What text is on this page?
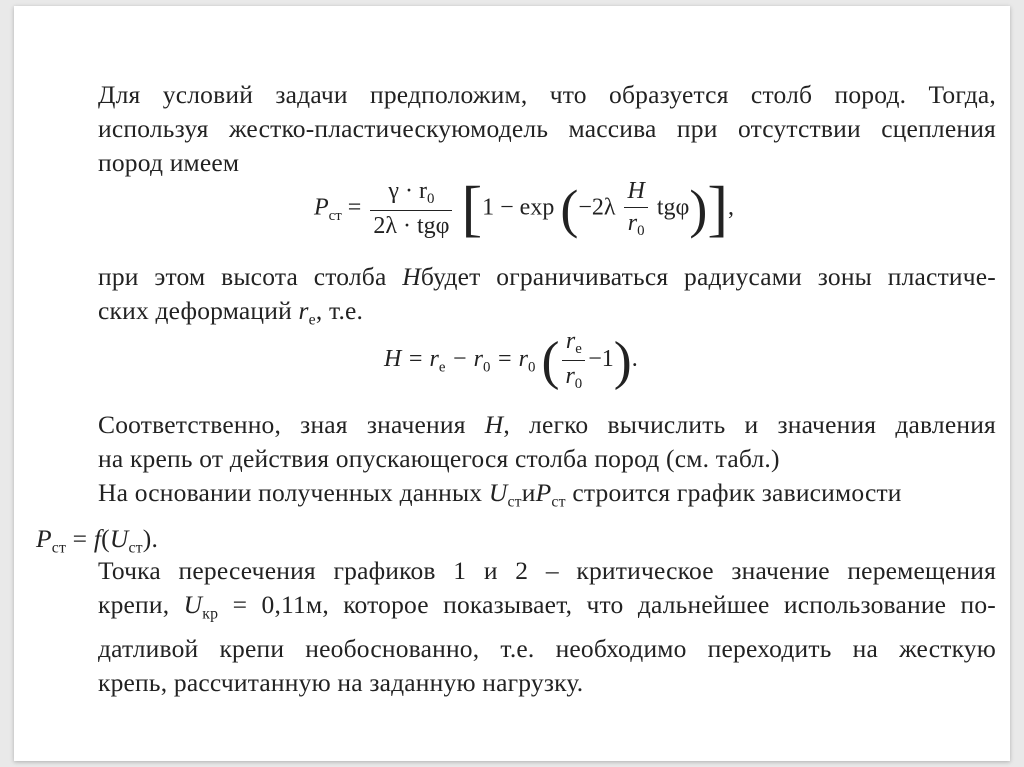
Для условий задачи предположим, что образуется столб пород. Тогда,
используя жестко-пластическуюмодель массива при отсутствии сцепления
пород имеем
$P_{ст} = \frac{\gamma \cdot r_0}{\text{2λ · tgφ}} [1 - \exp (-2\lambda \frac{H}{r_0} tg\varphi)]$,
при этом высота столба Hбудет ограничиваться радиусами зоны пластиче-
ских деформаций $r_e$, т.е.
$H = r_e - r_0 = r_0$ ( $\frac{r_e}{r_0} -1$).
Соответственно, зная значения H, легко вычислить и значения давления
на крепь от действия опускающегося столба пород (см. табл.)
На основании полученных данных $U_{ст}иP_{ст}$ строится график зависимости
$P_{ст} = f(U_{ст})$.
Точка пересечения графиков 1 и 2 – критическое значение перемещения
крепи, $U_{кр} = 0,11м$, которое показывает, что дальнейшее использование по-
датливой крепи необоснованно, т.е. необходимо переходить на жесткую
крепь, рассчитанную на заданную нагрузку.
